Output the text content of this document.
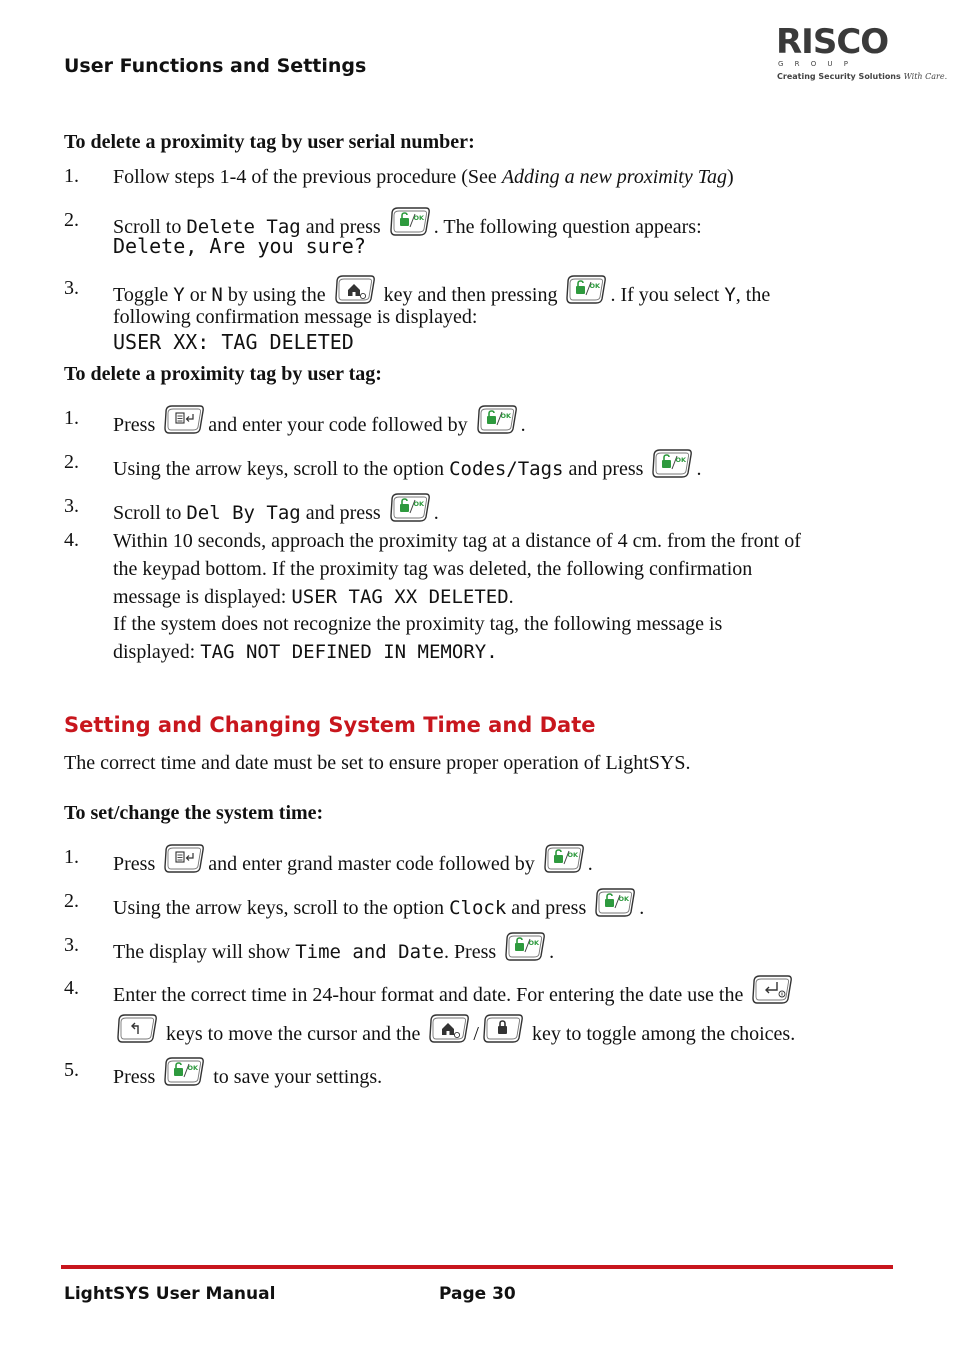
User Functions and Settings
RISCO
GROUP
Creating Security Solutions With Care.
To delete a proximity tag by user serial number:
1. Follow steps 1-4 of the previous procedure (See Adding a new proximity Tag)
2. Scroll to Delete Tag and press	OK . The following question appears:
Delete, Are you sure?
3. Toggle Y or N by using the
key and then pressing	OK . If you select Y, the
following confirmation message is displayed:
USER XX: TAG DELETED
To delete a proximity tag by user tag:
1. Press
and enter your code followed by	OK .
2. Using the arrow keys, scroll to the option Codes/Tags and press	OK .
3. Scroll to Del By Tag and press	OK .
4. Within 10 seconds, approach the proximity tag at a distance of 4 cm. from the front of
the keypad bottom. If the proximity tag was deleted, the following confirmation
message is displayed: USER TAG XX DELETED.
If the system does not recognize the proximity tag, the following message is
displayed: TAG NOT DEFINED IN MEMORY.
Setting and Changing System Time and Date
The correct time and date must be set to ensure proper operation of LightSYS.
To set/change the system time:
1. Press
and enter grand master code followed by	OK .
2. Using the arrow keys, scroll to the option Clock and press	OK .
3. The display will show Time and Date. Press	OK .
4. Enter the correct time in 24-hour format and date. For entering the date use the
keys to move the cursor and the
/
key to toggle among the choices.
5. Press	OK to save your settings.
LightSYS User Manual	Page 30
